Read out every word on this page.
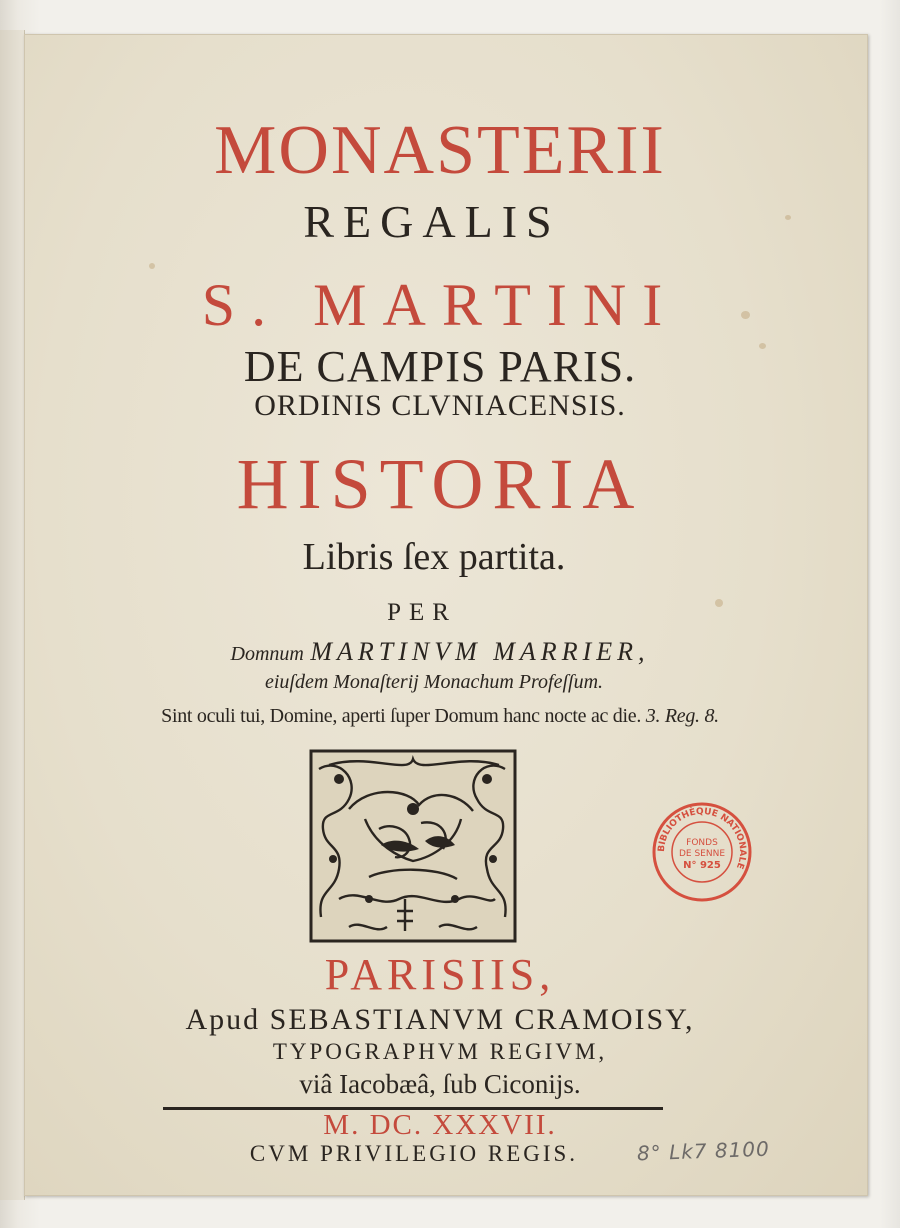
MONASTERII
REGALIS
S. MARTINI
DE CAMPIS PARIS.
ORDINIS CLVNIACENSIS.
HISTORIA
Libris ſex partita.
PER
Domnum MARTINVM MARRIER,
eiuſdem Monaſterij Monachum Profeſſum.
Sint oculi tui, Domine, aperti ſuper Domum hanc nocte ac die. 3. Reg. 8.
BIBLIOTHÈQUE NATIONALE
FONDS
DE SENNE
N° 925
PARISIIS,
Apud SEBASTIANVM CRAMOISY,
TYPOGRAPHVM REGIVM,
viâ Iacobæâ, ſub Ciconijs.
M. DC. XXXVII.
CVM PRIVILEGIO REGIS.	8° Lk7 8100
